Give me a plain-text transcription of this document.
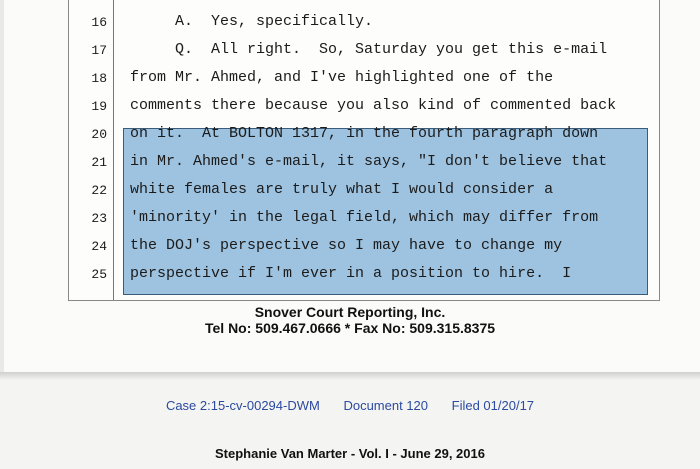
16 A.  Yes, specifically.
17 Q.  All right.  So, Saturday you get this e-mail
18 from Mr. Ahmed, and I've highlighted one of the
19 comments there because you also kind of commented back
20 on it.  At BOLTON 1317, in the fourth paragraph down
21 in Mr. Ahmed's e-mail, it says, "I don't believe that
22 white females are truly what I would consider a
23 'minority' in the legal field, which may differ from
24 the DOJ's perspective so I may have to change my
25 perspective if I'm ever in a position to hire.  I
Snover Court Reporting, Inc.
Tel No: 509.467.0666 * Fax No: 509.315.8375
Case 2:15-cv-00294-DWM Document 120 Filed 01/20/17
Stephanie Van Marter - Vol. I - June 29, 2016
